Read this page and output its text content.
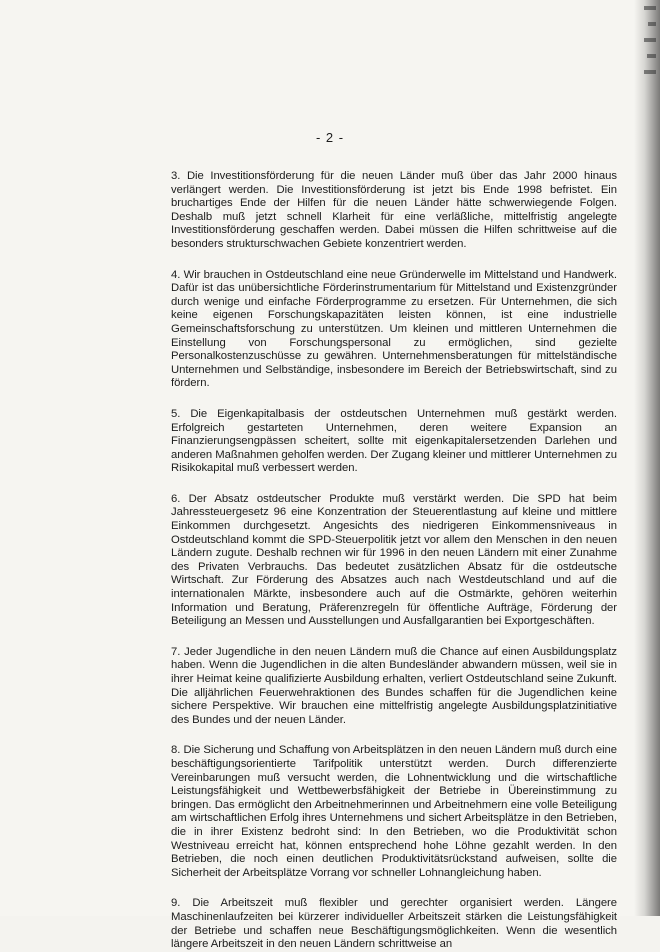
- 2 -

3. Die Investitionsförderung für die neuen Länder muß über das Jahr 2000 hinaus verlängert werden. Die Investitionsförderung ist jetzt bis Ende 1998 befristet. Ein bruchartiges Ende der Hilfen für die neuen Länder hätte schwerwiegende Folgen. Deshalb muß jetzt schnell Klarheit für eine verläßliche, mittelfristig angelegte Investitionsförderung geschaffen werden. Dabei müssen die Hilfen schrittweise auf die besonders strukturschwachen Gebiete konzentriert werden.

4. Wir brauchen in Ostdeutschland eine neue Gründerwelle im Mittelstand und Handwerk. Dafür ist das unübersichtliche Förderinstrumentarium für Mittelstand und Existenzgründer durch wenige und einfache Förderprogramme zu ersetzen. Für Unternehmen, die sich keine eigenen Forschungskapazitäten leisten können, ist eine industrielle Gemeinschaftsforschung zu unterstützen. Um kleinen und mittleren Unternehmen die Einstellung von Forschungspersonal zu ermöglichen, sind gezielte Personalkostenzuschüsse zu gewähren. Unternehmensberatungen für mittelständische Unternehmen und Selbständige, insbesondere im Bereich der Betriebswirtschaft, sind zu fördern.

5. Die Eigenkapitalbasis der ostdeutschen Unternehmen muß gestärkt werden. Erfolgreich gestarteten Unternehmen, deren weitere Expansion an Finanzierungsengpässen scheitert, sollte mit eigenkapitalersetzenden Darlehen und anderen Maßnahmen geholfen werden. Der Zugang kleiner und mittlerer Unternehmen zu Risikokapital muß verbessert werden.

6. Der Absatz ostdeutscher Produkte muß verstärkt werden. Die SPD hat beim Jahressteuergesetz 96 eine Konzentration der Steuerentlastung auf kleine und mittlere Einkommen durchgesetzt. Angesichts des niedrigeren Einkommensniveaus in Ostdeutschland kommt die SPD-Steuerpolitik jetzt vor allem den Menschen in den neuen Ländern zugute. Deshalb rechnen wir für 1996 in den neuen Ländern mit einer Zunahme des Privaten Verbrauchs. Das bedeutet zusätzlichen Absatz für die ostdeutsche Wirtschaft. Zur Förderung des Absatzes auch nach Westdeutschland und auf die internationalen Märkte, insbesondere auch auf die Ostmärkte, gehören weiterhin Information und Beratung, Präferenzregeln für öffentliche Aufträge, Förderung der Beteiligung an Messen und Ausstellungen und Ausfallgarantien bei Exportgeschäften.

7. Jeder Jugendliche in den neuen Ländern muß die Chance auf einen Ausbildungsplatz haben. Wenn die Jugendlichen in die alten Bundesländer abwandern müssen, weil sie in ihrer Heimat keine qualifizierte Ausbildung erhalten, verliert Ostdeutschland seine Zukunft. Die alljährlichen Feuerwehraktionen des Bundes schaffen für die Jugendlichen keine sichere Perspektive. Wir brauchen eine mittelfristig angelegte Ausbildungsplatzinitiative des Bundes und der neuen Länder.

8. Die Sicherung und Schaffung von Arbeitsplätzen in den neuen Ländern muß durch eine beschäftigungsorientierte Tarifpolitik unterstützt werden. Durch differenzierte Vereinbarungen muß versucht werden, die Lohnentwicklung und die wirtschaftliche Leistungsfähigkeit und Wettbewerbsfähigkeit der Betriebe in Übereinstimmung zu bringen. Das ermöglicht den Arbeitnehmerinnen und Arbeitnehmern eine volle Beteiligung am wirtschaftlichen Erfolg ihres Unternehmens und sichert Arbeitsplätze in den Betrieben, die in ihrer Existenz bedroht sind: In den Betrieben, wo die Produktivität schon Westniveau erreicht hat, können entsprechend hohe Löhne gezahlt werden. In den Betrieben, die noch einen deutlichen Produktivitätsrückstand aufweisen, sollte die Sicherheit der Arbeitsplätze Vorrang vor schneller Lohnangleichung haben.

9. Die Arbeitszeit muß flexibler und gerechter organisiert werden. Längere Maschinenlaufzeiten bei kürzerer individueller Arbeitszeit stärken die Leistungsfähigkeit der Betriebe und schaffen neue Beschäftigungsmöglichkeiten. Wenn die wesentlich längere Arbeitszeit in den neuen Ländern schrittweise an
